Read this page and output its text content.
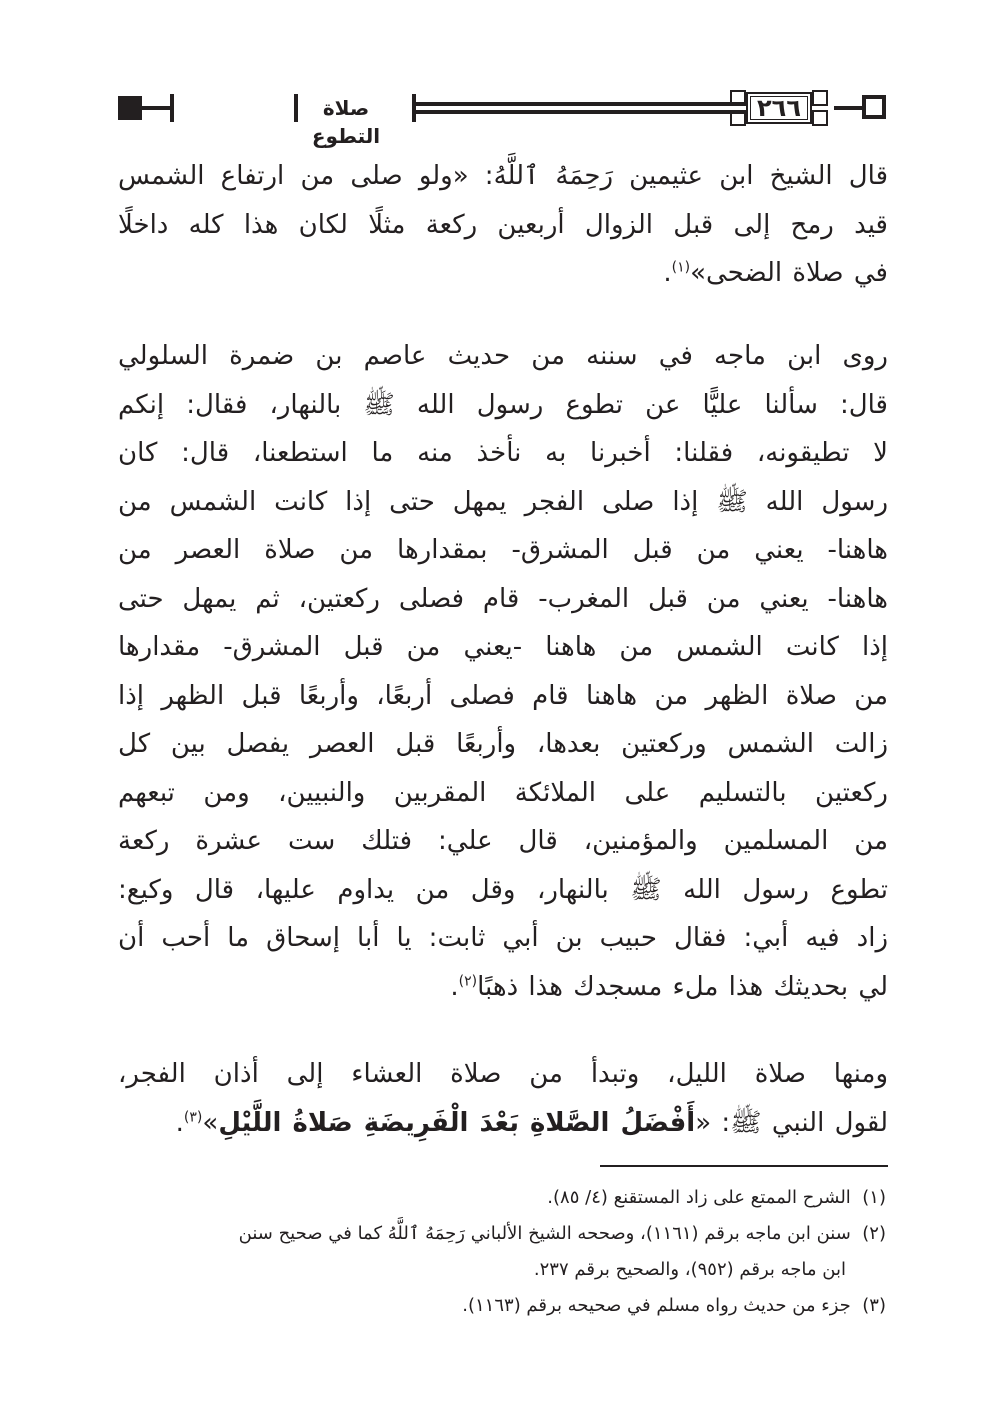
صلاة التطوع
٢٦٦
قال الشيخ ابن عثيمين رَحِمَهُ ٱللَّهُ: «ولو صلى من ارتفاع الشمس
قيد رمح إلى قبل الزوال أربعين ركعة مثلًا لكان هذا كله داخلًا
في صلاة الضحى»$^{(١)}$.
روى ابن ماجه في سننه من حديث عاصم بن ضمرة السلولي
قال: سألنا عليًّا عن تطوع رسول الله ﷺ بالنهار، فقال: إنكم
لا تطيقونه، فقلنا: أخبرنا به نأخذ منه ما استطعنا، قال: كان
رسول الله ﷺ إذا صلى الفجر يمهل حتى إذا كانت الشمس من
هاهنا- يعني من قبل المشرق- بمقدارها من صلاة العصر من
هاهنا- يعني من قبل المغرب- قام فصلى ركعتين، ثم يمهل حتى
إذا كانت الشمس من هاهنا -يعني من قبل المشرق- مقدارها
من صلاة الظهر من هاهنا قام فصلى أربعًا، وأربعًا قبل الظهر إذا
زالت الشمس وركعتين بعدها، وأربعًا قبل العصر يفصل بين كل
ركعتين بالتسليم على الملائكة المقربين والنبيين، ومن تبعهم
من المسلمين والمؤمنين، قال علي: فتلك ست عشرة ركعة
تطوع رسول الله ﷺ بالنهار، وقل من يداوم عليها، قال وكيع:
زاد فيه أبي: فقال حبيب بن أبي ثابت: يا أبا إسحاق ما أحب أن
لي بحديثك هذا ملء مسجدك هذا ذهبًا$^{(٢)}$.
ومنها صلاة الليل، وتبدأ من صلاة العشاء إلى أذان الفجر،
لقول النبي ﷺ: «أَفْضَلُ الصَّلاةِ بَعْدَ الْفَرِيضَةِ صَلاةُ اللَّيْلِ»$^{(٣)}$.
(١)  الشرح الممتع على زاد المستقنع (٤/ ٨٥).
(٢)  سنن ابن ماجه برقم (١١٦١)، وصححه الشيخ الألباني رَحِمَهُ ٱللَّهُ كما في صحيح سنن
ابن ماجه برقم (٩٥٢)، والصحيح برقم ٢٣٧.
(٣)  جزء من حديث رواه مسلم في صحيحه برقم (١١٦٣).
